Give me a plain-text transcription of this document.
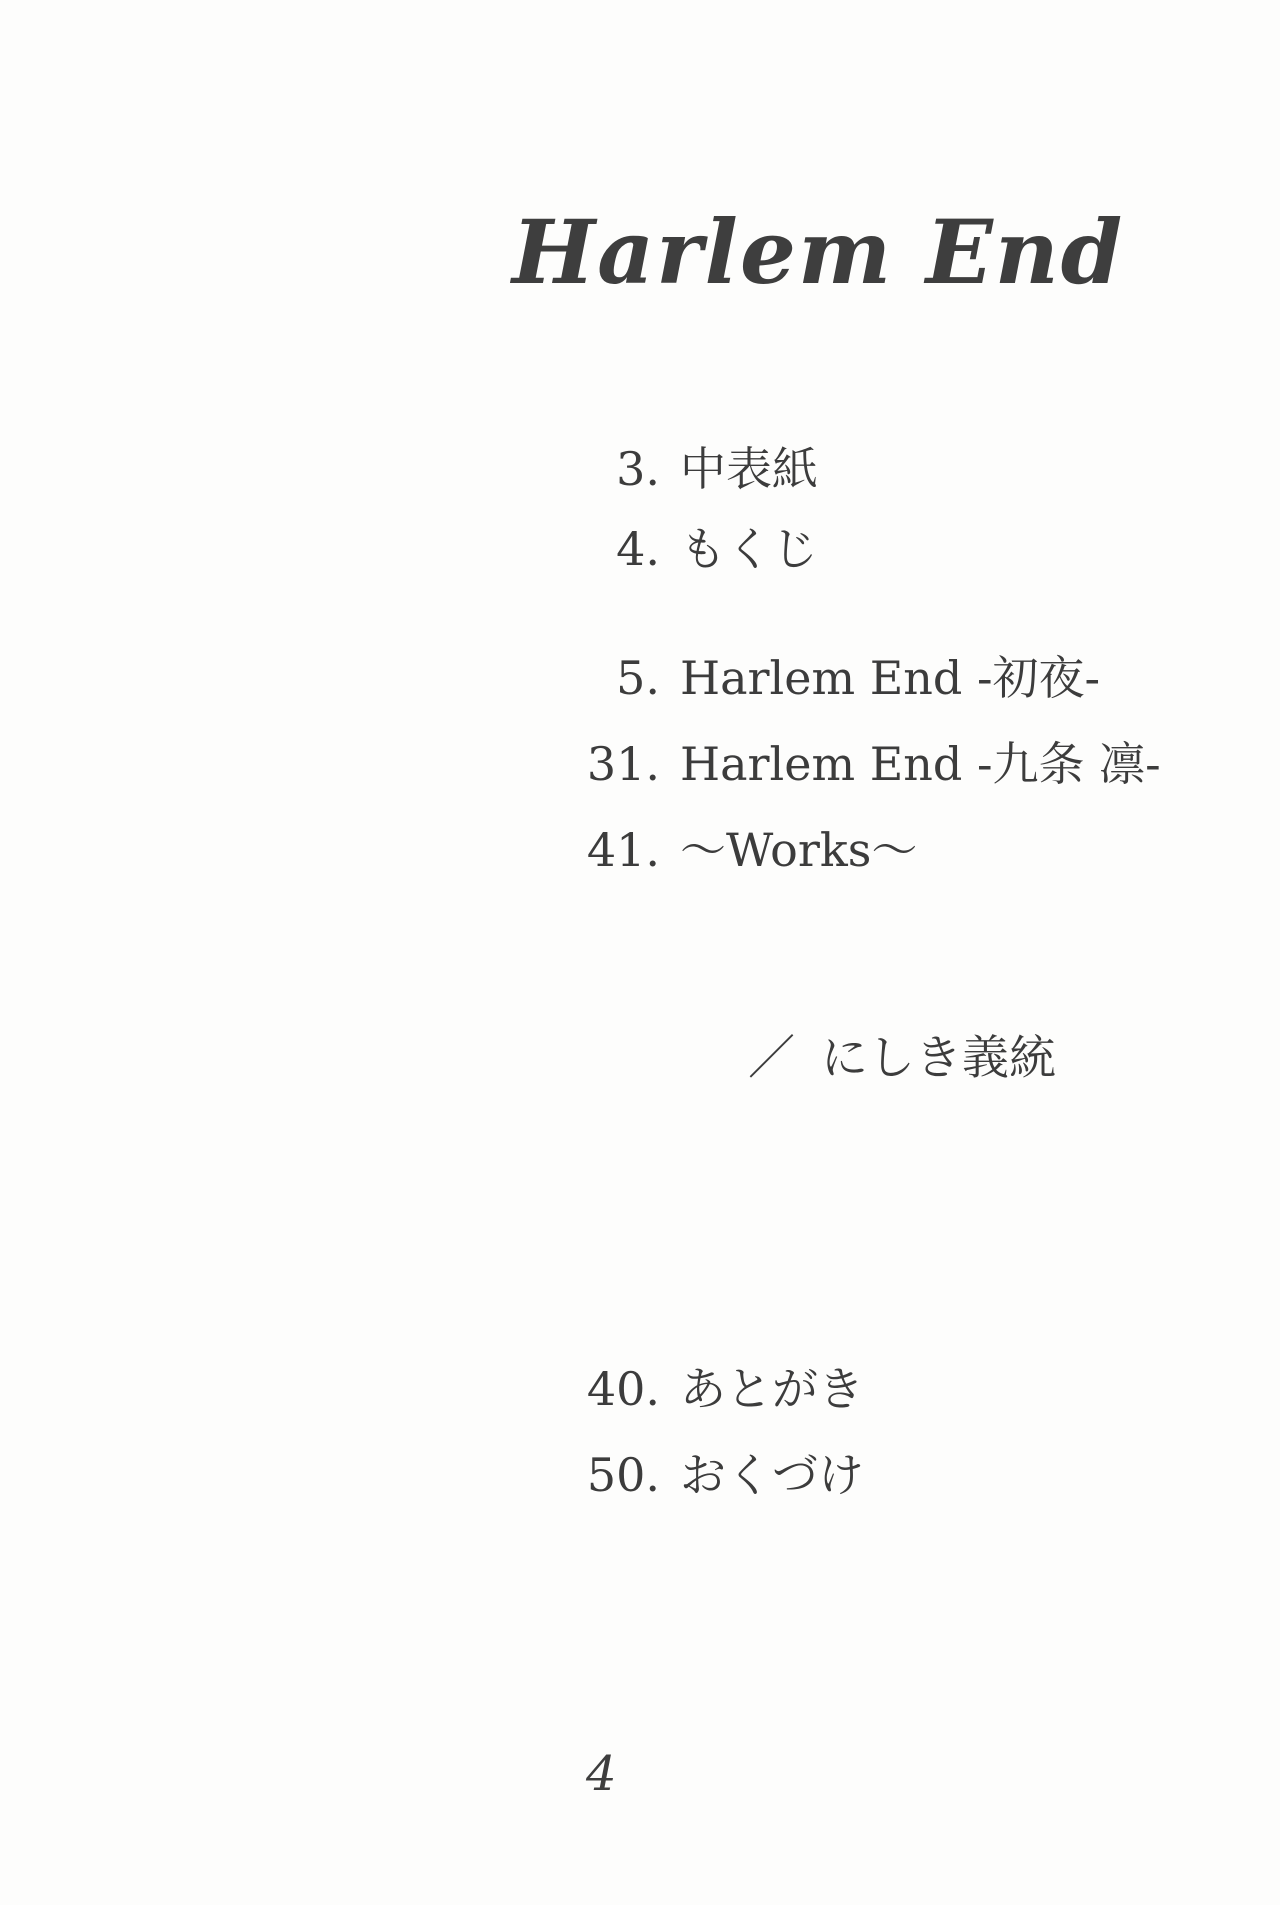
Harlem End
3. 中表紙
4. もくじ
5. Harlem End -初夜-
31. Harlem End -九条 凛-
41. ～Works～
／ にしき義統
40. あとがき
50. おくづけ
4
